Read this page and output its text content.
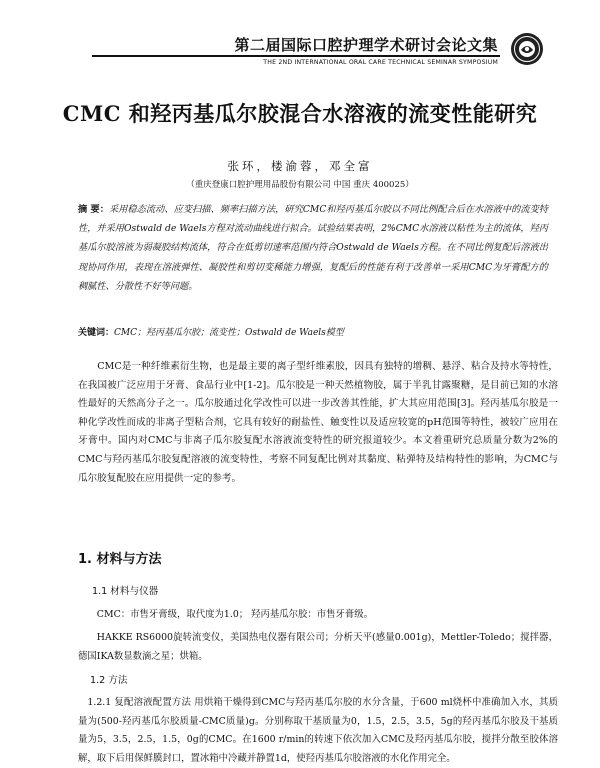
第二届国际口腔护理学术研讨会论文集
THE 2ND INTERNATIONAL ORAL CARE TECHNICAL SEMINAR SYMPOSIUM
CMC 和羟丙基瓜尔胶混合水溶液的流变性能研究
张环，楼渝蓉，邓全富
（重庆登康口腔护理用品股份有限公司 中国 重庆 400025）
摘 要：采用稳态流动、应变扫描、频率扫描方法，研究CMC和羟丙基瓜尔胶以不同比例配合后在水溶液中的流变特性，并采用Ostwald de Waels方程对流动曲线进行拟合。试验结果表明，2%CMC水溶液以粘性为主的流体，羟丙基瓜尔胶溶液为弱凝胶结构流体，符合在低剪切速率范围内符合Ostwald de Waels方程。在不同比例复配后溶液出现协同作用，表现在溶液弹性、凝胶性和剪切变稀能力增强，复配后的性能有利于改善单一采用CMC为牙膏配方的稠腻性、分散性不好等问题。
关键词：CMC；羟丙基瓜尔胶；流变性；Ostwald de Waels模型
CMC是一种纤维素衍生物，也是最主要的离子型纤维素胶，因具有独特的增稠、悬浮、粘合及持水等特性，在我国被广泛应用于牙膏、食品行业中[1-2]。瓜尔胶是一种天然植物胶，属于半乳甘露聚糖，是目前已知的水溶性最好的天然高分子之一。瓜尔胶通过化学改性可以进一步改善其性能，扩大其应用范围[3]。羟丙基瓜尔胶是一种化学改性而成的非离子型粘合剂，它具有较好的耐盐性、触变性以及适应较宽的pH范围等特性，被较广应用在牙膏中。国内对CMC与非离子瓜尔胶复配水溶液流变特性的研究报道较少。本文着重研究总质量分数为2%的CMC与羟丙基瓜尔胶复配溶液的流变特性，考察不同复配比例对其黏度、粘弹特及结构特性的影响，为CMC与瓜尔胶复配胶在应用提供一定的参考。
1. 材料与方法
1.1 材料与仪器
CMC：市售牙膏级，取代度为1.0； 羟丙基瓜尔胶：市售牙膏级。
HAKKE RS6000旋转流变仪，美国热电仪器有限公司；分析天平(感量0.001g)，Mettler-Toledo；搅拌器，德国IKA数显数滴之星；烘箱。
1.2 方法
1.2.1 复配溶液配置方法 用烘箱干燥得到CMC与羟丙基瓜尔胶的水分含量，于600 ml烧杯中准确加入水，其质量为(500-羟丙基瓜尔胶质量-CMC质量)g。分别称取干基质量为0，1.5，2.5，3.5，5g的羟丙基瓜尔胶及干基质量为5，3.5，2.5，1.5，0g的CMC。在1600 r/min的转速下依次加入CMC及羟丙基瓜尔胶，搅拌分散至胶体溶解，取下后用保鲜膜封口，置冰箱中冷藏并静置1d，使羟丙基瓜尔胶溶液的水化作用完全。
